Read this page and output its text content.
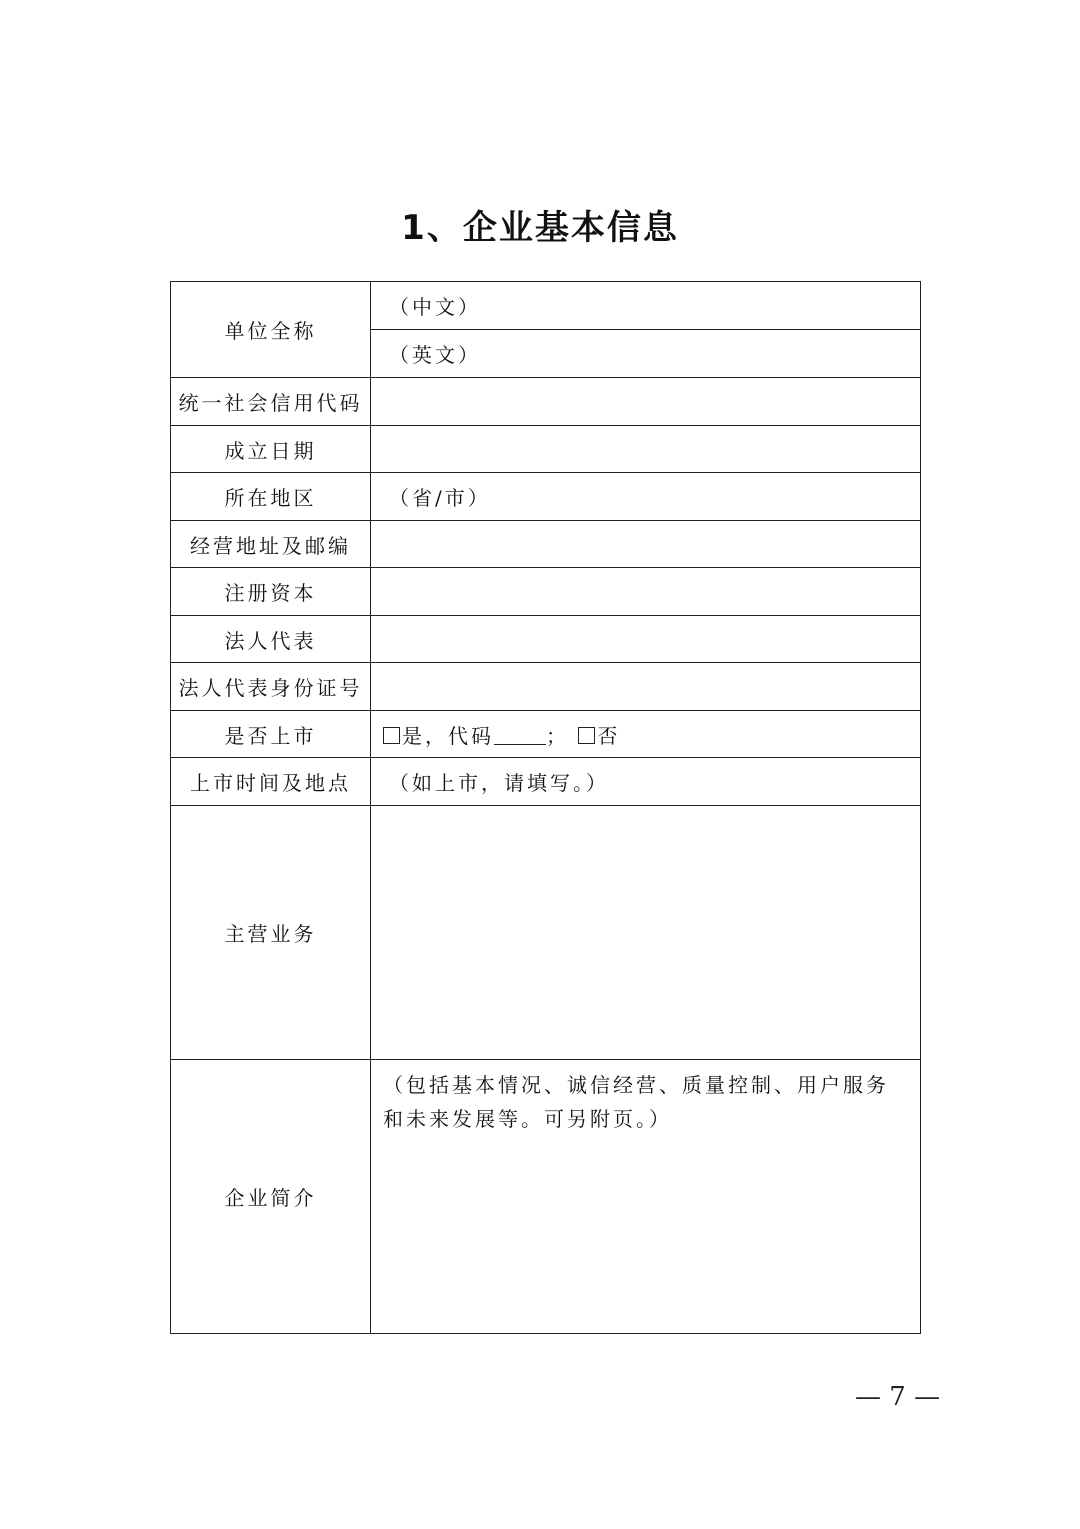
1、企业基本信息
单位全称	（中文）
	（英文）
统一社会信用代码	
成立日期	
所在地区	（省/市）
经营地址及邮编	
注册资本	
法人代表	
法人代表身份证号	
是否上市	是，代码 ； 否
上市时间及地点	（如上市，请填写。）
主营业务	
企业简介	（包括基本情况、诚信经营、质量控制、用户服务和未来发展等。可另附页。）
— 7 —
